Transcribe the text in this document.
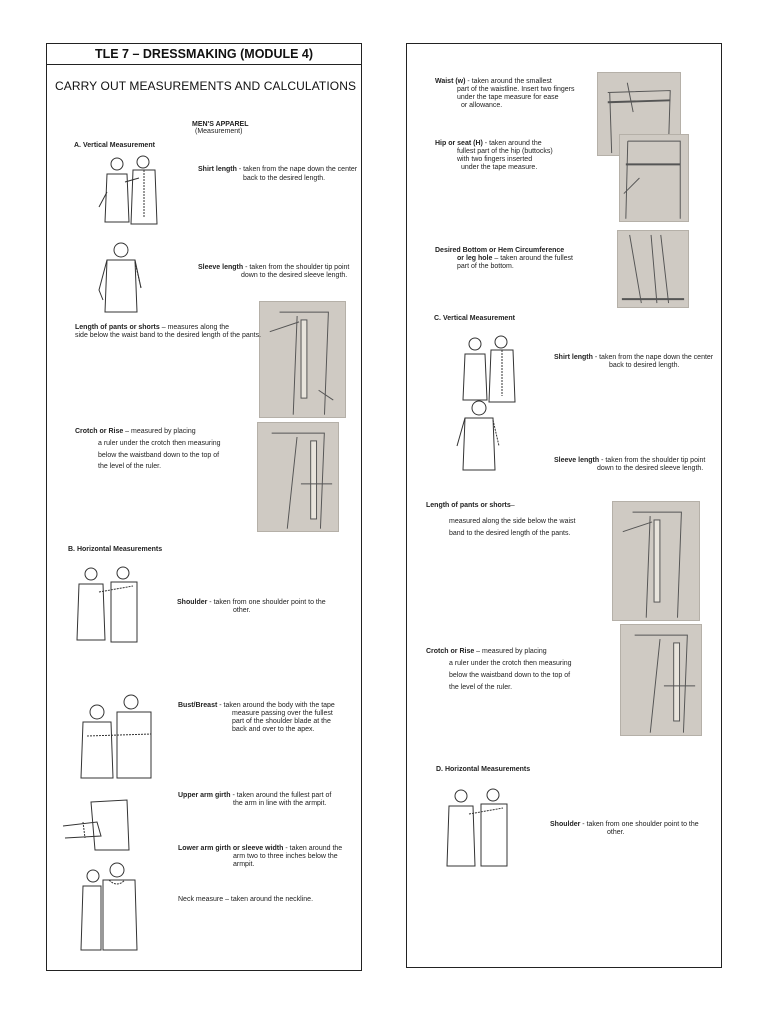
TLE 7 – DRESSMAKING (MODULE 4)
CARRY OUT MEASUREMENTS AND CALCULATIONS
MEN'S APPAREL
(Measurement)
A. Vertical Measurement
Shirt length - taken from the nape down the center
back to the desired length.
Sleeve length - taken from the shoulder tip point
down to the desired sleeve length.
Length of pants or shorts – measures along the
side below the waist band to the desired length of the pants.
Crotch or Rise – measured by placing
a ruler under the crotch then measuring
below the waistband down to the top of
the level of the ruler.
B. Horizontal Measurements
Shoulder - taken from one shoulder point to the
other.
Bust/Breast - taken around the body with the tape
measure passing over the fullest
part of the shoulder blade at the
back and over to the apex.
Upper arm girth - taken around the fullest part of
the arm in line with the armpit.
Lower arm girth or sleeve width - taken around the
arm two to three inches below the
armpit.
Neck measure – taken around the neckline.
Waist (w) - taken around the smallest
part of the waistline. Insert two fingers
under the tape measure for ease
or allowance.
Hip or seat (H) - taken around the
fullest part of the hip (buttocks)
with two fingers inserted
under the tape measure.
Desired Bottom or Hem Circumference
or leg hole – taken around the fullest
part of the bottom.
C. Vertical Measurement
Shirt length - taken from the nape down the center
back to desired length.
Sleeve length - taken from the shoulder tip point
down to the desired sleeve length.
Length of pants or shorts–
measured along the side below the waist
band to the desired length of the pants.
Crotch or Rise – measured by placing
a ruler under the crotch then measuring
below the waistband down to the top of
the level of the ruler.
D. Horizontal Measurements
Shoulder - taken from one shoulder point to the
other.
